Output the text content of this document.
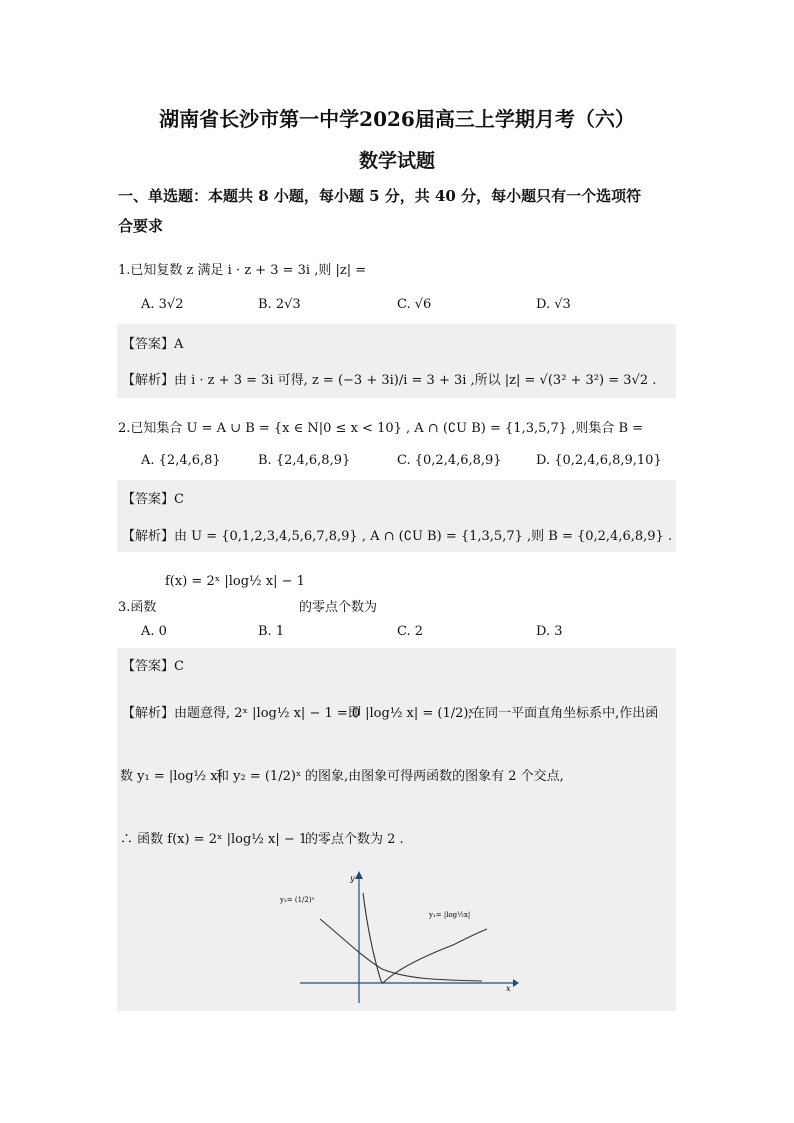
湖南省长沙市第一中学2026届高三上学期月考（六）
数学试题
一、单选题：本题共 8 小题，每小题 5 分，共 40 分，每小题只有一个选项符
合要求
1.已知复数 z 满足 i · z + 3 = 3i ,则 |z| =
A. 3√2	B. 2√3	C. √6	D. √3
【答案】A
【解析】由 i · z + 3 = 3i 可得, z = (−3 + 3i)/i = 3 + 3i ,所以 |z| = √(3² + 3²) = 3√2 .
2.已知集合 U = A ∪ B = {x ∈ N|0 ≤ x < 10} , A ∩ (∁U B) = {1,3,5,7} ,则集合 B =
A. {2,4,6,8}	B. {2,4,6,8,9}	C. {0,2,4,6,8,9}	D. {0,2,4,6,8,9,10}
【答案】C
【解析】由 U = {0,1,2,3,4,5,6,7,8,9} , A ∩ (∁U B) = {1,3,5,7} ,则 B = {0,2,4,6,8,9} .
3.函数
f(x) = 2ˣ |log½ x| − 1
的零点个数为
A. 0	B. 1	C. 2	D. 3
【答案】C
【解析】由题意得, 2ˣ |log½ x| − 1 = 0
即 |log½ x| = (1/2)ˣ
,在同一平面直角坐标系中,作出函
数 y₁ = |log½ x|
和 y₂ = (1/2)ˣ 的图象,由图象可得两函数的图象有 2 个交点,
∴ 函数 f(x) = 2ˣ |log½ x| − 1
的零点个数为 2 .
x
y
y₂= (1/2)ˣ
y₁= |log½x|
